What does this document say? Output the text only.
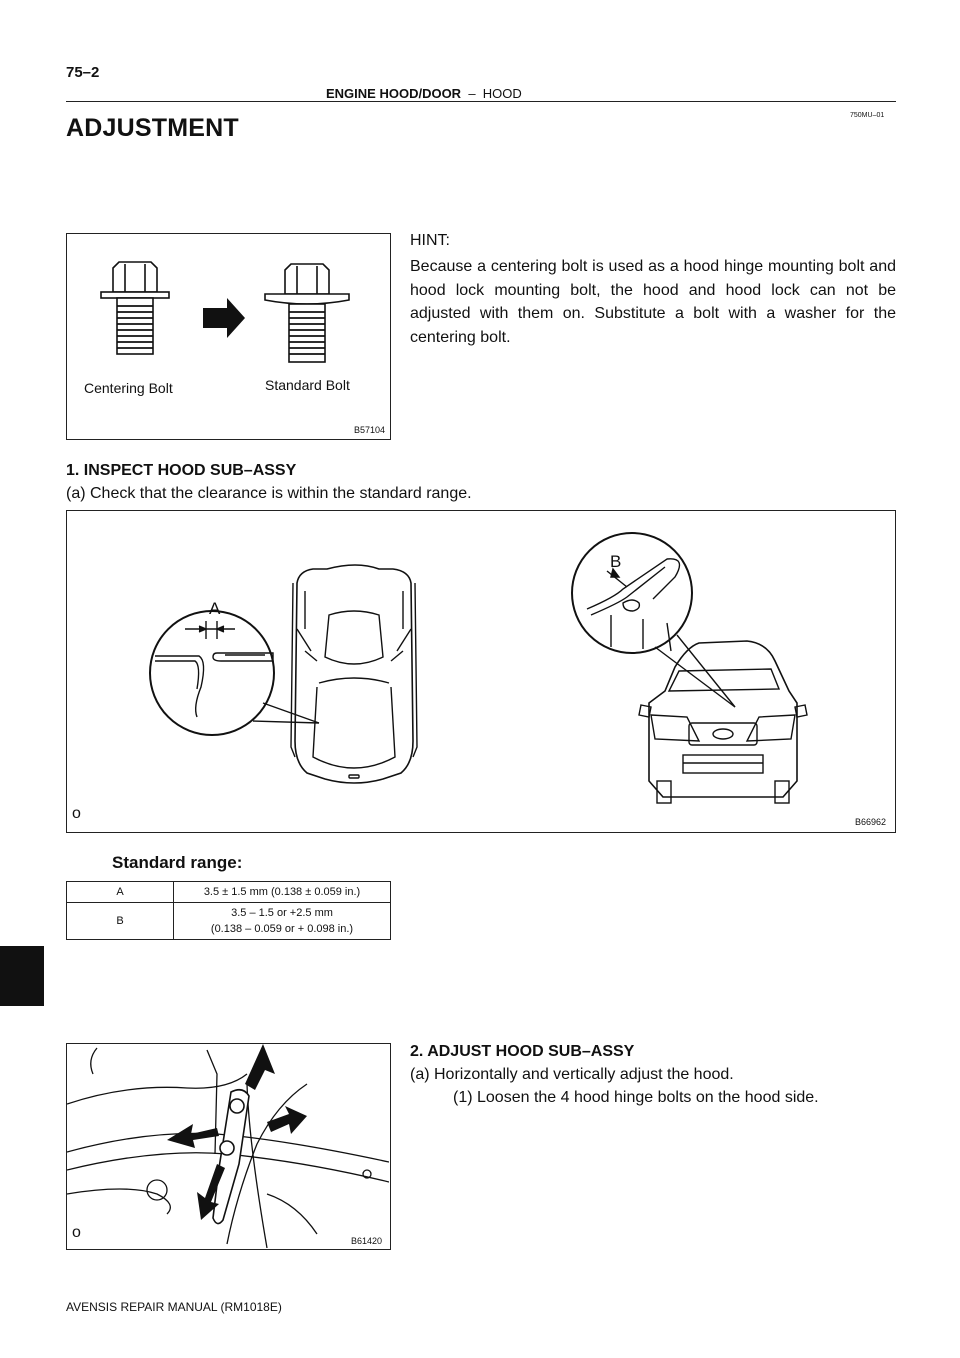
75–2
ENGINE HOOD/DOOR – HOOD
750MU–01
ADJUSTMENT
Centering Bolt	Standard Bolt
B57104
HINT:
Because a centering bolt is used as a hood hinge mounting bolt and hood lock mounting bolt, the hood and hood lock can not be adjusted with them on. Substitute a bolt with a washer for the centering bolt.
1. INSPECT HOOD SUB–ASSY
(a) Check that the clearance is within the standard range.
A
B
o	B66962
Standard range:
A	3.5 ± 1.5 mm (0.138 ± 0.059 in.)
B	3.5 – 1.5 or +2.5 mm
(0.138 – 0.059 or + 0.098 in.)
2. ADJUST HOOD SUB–ASSY
(a) Horizontally and vertically adjust the hood.
(1) Loosen the 4 hood hinge bolts on the hood side.
o	B61420
AVENSIS REPAIR MANUAL (RM1018E)
